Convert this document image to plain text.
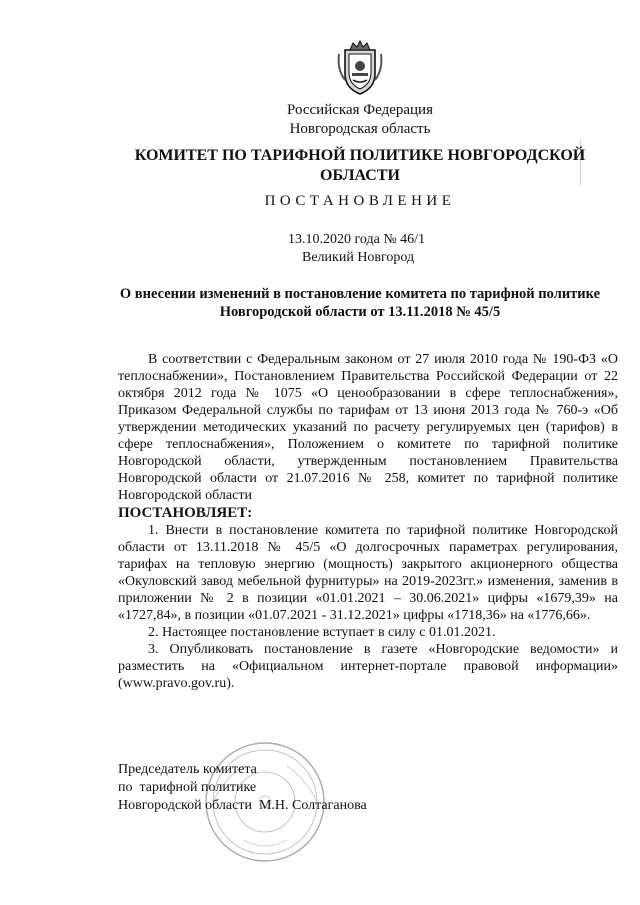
Российская Федерация
Новгородская область
КОМИТЕТ ПО ТАРИФНОЙ ПОЛИТИКЕ НОВГОРОДСКОЙ ОБЛАСТИ
ПОСТАНОВЛЕНИЕ
13.10.2020 года № 46/1
Великий Новгород
О внесении изменений в постановление комитета по тарифной политике Новгородской области от 13.11.2018 № 45/5

В соответствии с Федеральным законом от 27 июля 2010 года № 190-ФЗ «О теплоснабжении», Постановлением Правительства Российской Федерации от 22 октября 2012 года № 1075 «О ценообразовании в сфере теплоснабжения», Приказом Федеральной службы по тарифам от 13 июня 2013 года № 760-э «Об утверждении методических указаний по расчету регулируемых цен (тарифов) в сфере теплоснабжения», Положением о комитете по тарифной политике Новгородской области, утвержденным постановлением Правительства Новгородской области от 21.07.2016 № 258, комитет по тарифной политике Новгородской области

ПОСТАНОВЛЯЕТ:

1. Внести в постановление комитета по тарифной политике Новгородской области от 13.11.2018 № 45/5 «О долгосрочных параметрах регулирования, тарифах на тепловую энергию (мощность) закрытого акционерного общества «Окуловский завод мебельной фурнитуры» на 2019-2023гг.» изменения, заменив в приложении № 2 в позиции «01.01.2021 – 30.06.2021» цифры «1679,39» на «1727,84», в позиции «01.07.2021 - 31.12.2021» цифры «1718,36» на «1776,66».

2. Настоящее постановление вступает в силу с 01.01.2021.

3. Опубликовать постановление в газете «Новгородские ведомости» и разместить на «Официальном интернет-портале правовой информации» (www.pravo.gov.ru).

Председатель комитета
по  тарифной политике
Новгородской области М.Н. Солтаганова
